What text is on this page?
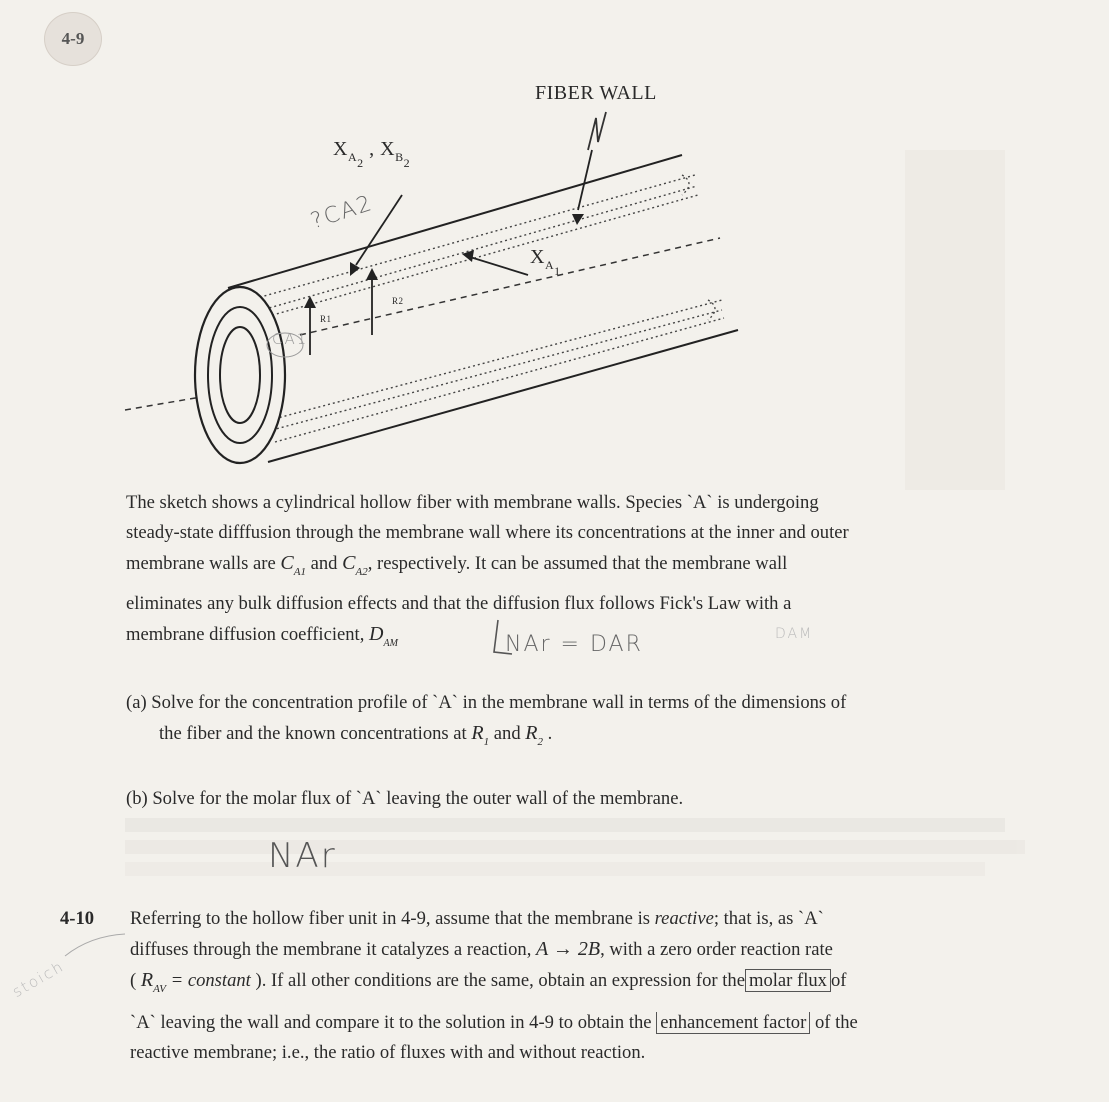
4-9
FIBER WALL
$X_{A2}$ , $X_{B2}$
$X_{A1}$
R1
R2
?CA2
CA1

The sketch shows a cylindrical hollow fiber with membrane walls. Species `A` is undergoing

steady-state difffusion through the membrane wall where its concentrations at the inner and outer

membrane walls are $C_{A1}$ and $C_{A2}$, respectively. It can be assumed that the membrane wall

eliminates any bulk diffusion effects and that the diffusion flux follows Fick's Law with a

membrane diffusion coefficient, $D_{AM}$	NAr = DAR	DAM

(a) Solve for the concentration profile of `A` in the membrane wall in terms of the dimensions of

the fiber and the known concentrations at $R_1$ and $R_2$ .

(b) Solve for the molar flux of `A` leaving the outer wall of the membrane.

NAr
4-10 Referring to the hollow fiber unit in 4-9, assume that the membrane is reactive; that is, as `A`

diffuses through the membrane it catalyzes a reaction, A → 2B, with a zero order reaction rate

( $R_{AV}$ = constant ). If all other conditions are the same, obtain an expression for the molar flux of

`A` leaving the wall and compare it to the solution in 4-9 to obtain the enhancement factor of the

reactive membrane; i.e., the ratio of fluxes with and without reaction.

stoich
